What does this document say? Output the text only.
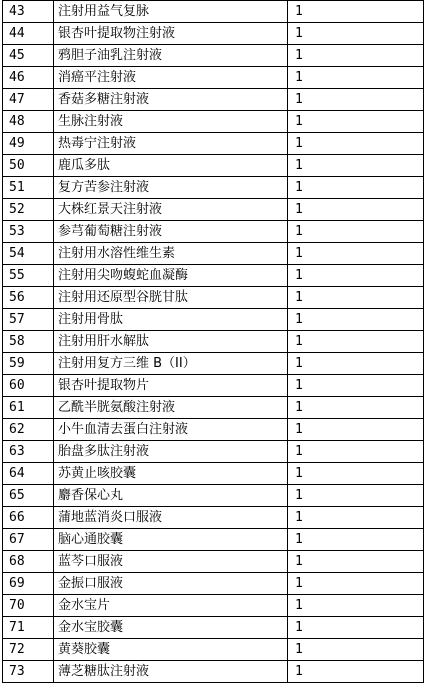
43	注射用益气复脉	1
44	银杏叶提取物注射液	1
45	鸦胆子油乳注射液	1
46	消癌平注射液	1
47	香菇多糖注射液	1
48	生脉注射液	1
49	热毒宁注射液	1
50	鹿瓜多肽	1
51	复方苦参注射液	1
52	大株红景天注射液	1
53	参芎葡萄糖注射液	1
54	注射用水溶性维生素	1
55	注射用尖吻蝮蛇血凝酶	1
56	注射用还原型谷胱甘肽	1
57	注射用骨肽	1
58	注射用肝水解肽	1
59	注射用复方三维 B（II）	1
60	银杏叶提取物片	1
61	乙酰半胱氨酸注射液	1
62	小牛血清去蛋白注射液	1
63	胎盘多肽注射液	1
64	苏黄止咳胶囊	1
65	麝香保心丸	1
66	蒲地蓝消炎口服液	1
67	脑心通胶囊	1
68	蓝芩口服液	1
69	金振口服液	1
70	金水宝片	1
71	金水宝胶囊	1
72	黄葵胶囊	1
73	薄芝糖肽注射液	1
